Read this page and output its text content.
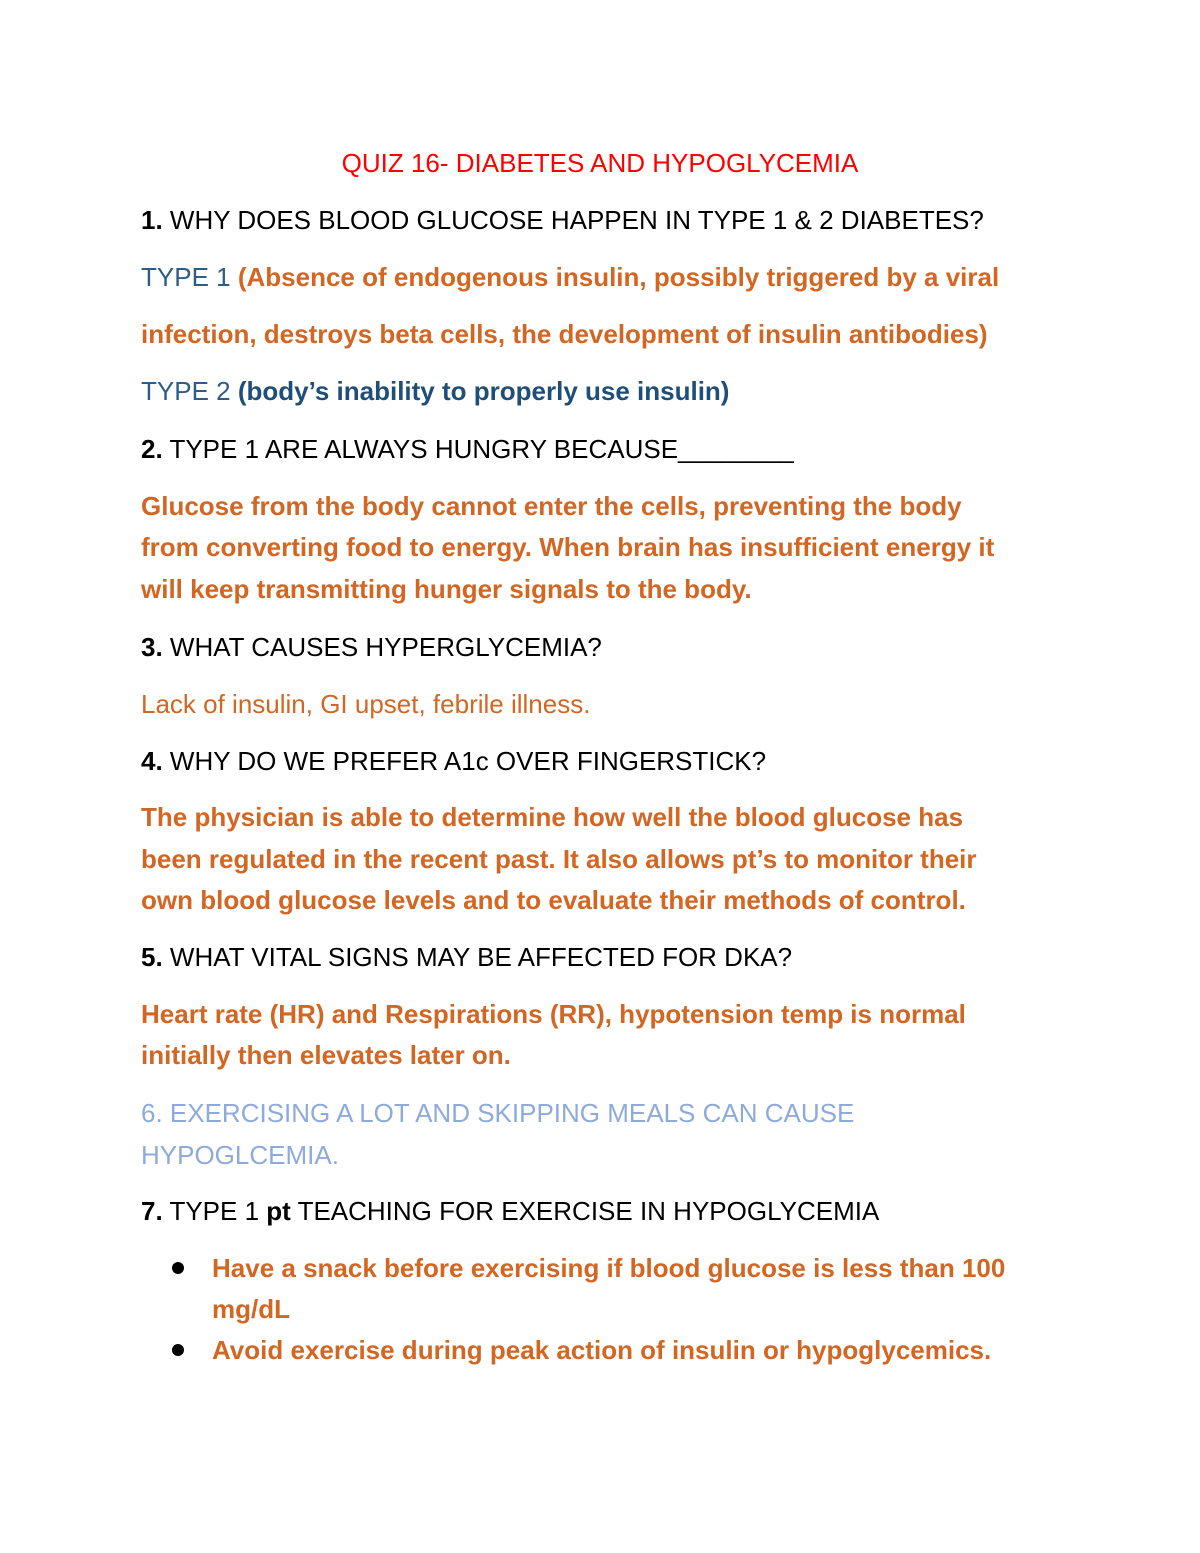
QUIZ 16- DIABETES AND HYPOGLYCEMIA

1. WHY DOES BLOOD GLUCOSE HAPPEN IN TYPE 1 & 2 DIABETES?

TYPE 1 (Absence of endogenous insulin, possibly triggered by a viral

infection, destroys beta cells, the development of insulin antibodies)

TYPE 2 (body’s inability to properly use insulin)

2. TYPE 1 ARE ALWAYS HUNGRY BECAUSE________

Glucose from the body cannot enter the cells, preventing the body

from converting food to energy. When brain has insufficient energy it

will keep transmitting hunger signals to the body.

3. WHAT CAUSES HYPERGLYCEMIA?

Lack of insulin, GI upset, febrile illness.

4. WHY DO WE PREFER A1c OVER FINGERSTICK?

The physician is able to determine how well the blood glucose has

been regulated in the recent past. It also allows pt’s to monitor their

own blood glucose levels and to evaluate their methods of control.

5. WHAT VITAL SIGNS MAY BE AFFECTED FOR DKA?

Heart rate (HR) and Respirations (RR), hypotension temp is normal

initially then elevates later on.

6. EXERCISING A LOT AND SKIPPING MEALS CAN CAUSE

HYPOGLCEMIA.

7. TYPE 1 pt TEACHING FOR EXERCISE IN HYPOGLYCEMIA

Have a snack before exercising if blood glucose is less than 100

mg/dL

Avoid exercise during peak action of insulin or hypoglycemics.
